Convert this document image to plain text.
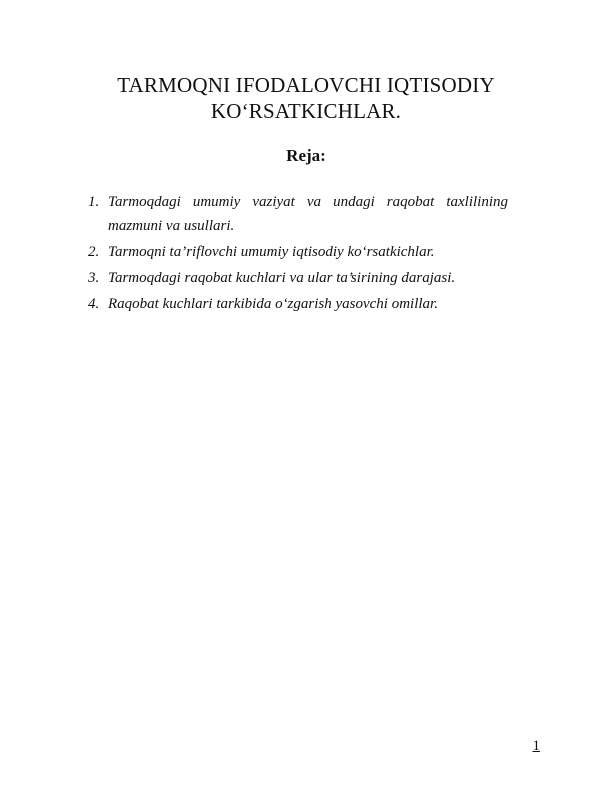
TARMOQNI IFODALOVCHI IQTISODIY
KO‘RSATKICHLAR.
Reja:
1. Tarmoqdagi umumiy vaziyat va undagi raqobat taxlilining mazmuni va usullari.
2. Tarmoqni ta’riflovchi umumiy iqtisodiy ko‘rsatkichlar.
3. Tarmoqdagi raqobat kuchlari va ular ta’sirining darajasi.
4. Raqobat kuchlari tarkibida o‘zgarish yasovchi omillar.
1
